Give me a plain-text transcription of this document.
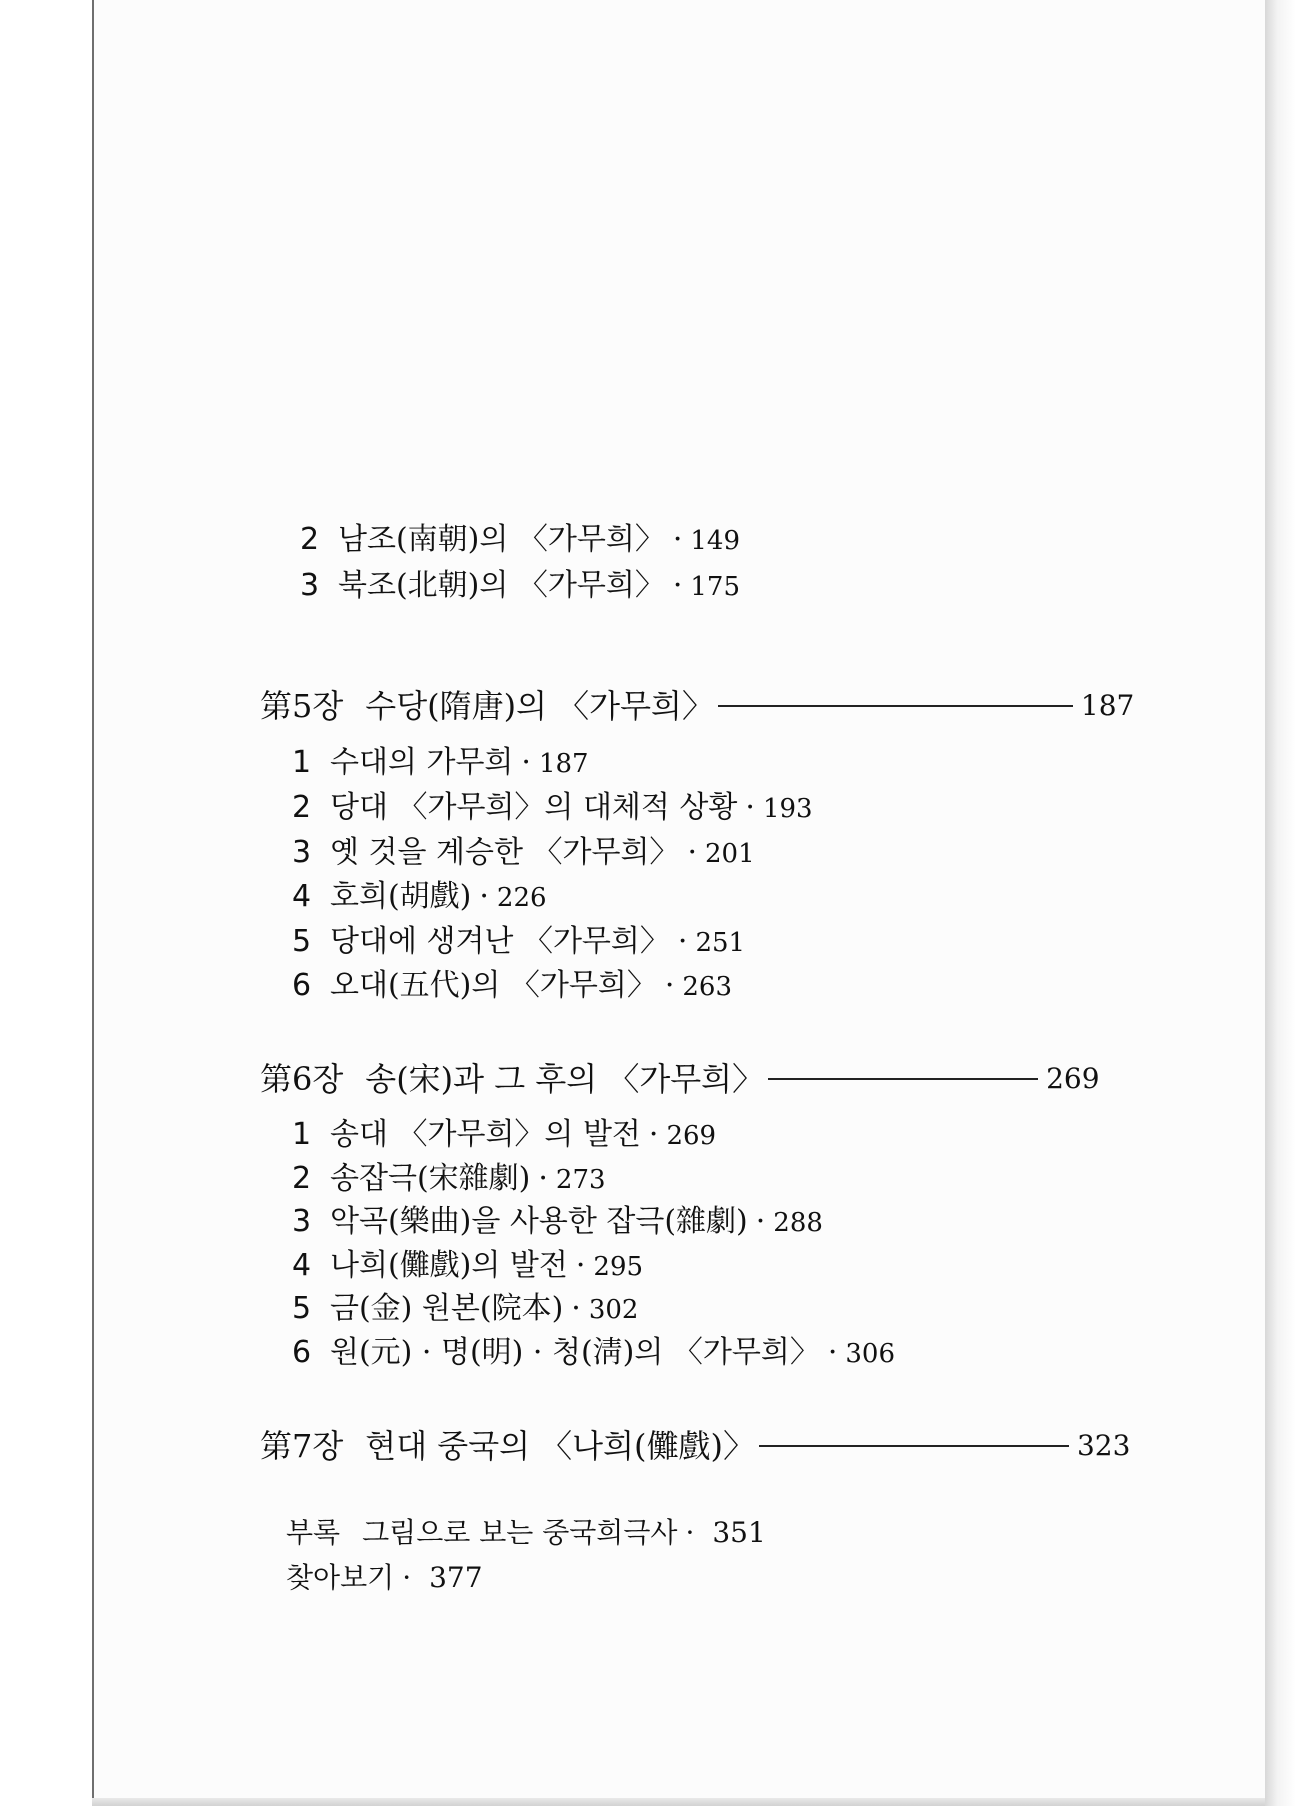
2 남조(南朝)의 〈가무희〉 · 149
3 북조(北朝)의 〈가무희〉 · 175
第5장 수당(隋唐)의 〈가무희〉	187
1 수대의 가무희 · 187
2 당대 〈가무희〉의 대체적 상황 · 193
3 옛 것을 계승한 〈가무희〉 · 201
4 호희(胡戲) · 226
5 당대에 생겨난 〈가무희〉 · 251
6 오대(五代)의 〈가무희〉 · 263
第6장 송(宋)과 그 후의 〈가무희〉	269
1 송대 〈가무희〉의 발전 · 269
2 송잡극(宋雜劇) · 273
3 악곡(樂曲)을 사용한 잡극(雜劇) · 288
4 나희(儺戲)의 발전 · 295
5 금(金) 원본(院本) · 302
6 원(元) · 명(明) · 청(淸)의 〈가무희〉 · 306
第7장 현대 중국의 〈나희(儺戲)〉	323
부록 그림으로 보는 중국희극사 · 351
찾아보기 · 377
